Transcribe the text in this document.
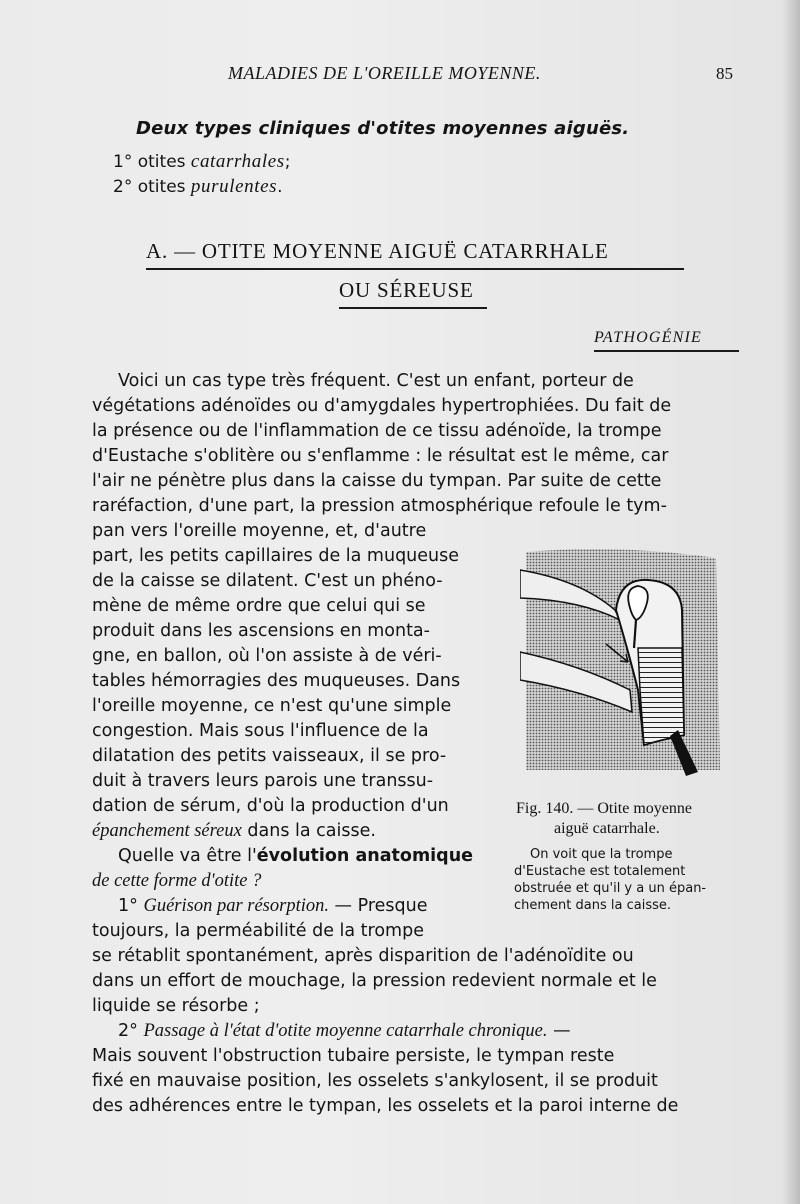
MALADIES DE L'OREILLE MOYENNE.	85
Deux types cliniques d'otites moyennes aiguës.
1° otites catarrhales;
2° otites purulentes.
A. — OTITE MOYENNE AIGUË CATARRHALE
OU SÉREUSE
PATHOGÉNIE
Voici un cas type très fréquent. C'est un enfant, porteur de
végétations adénoïdes ou d'amygdales hypertrophiées. Du fait de
la présence ou de l'inflammation de ce tissu adénoïde, la trompe
d'Eustache s'oblitère ou s'enflamme : le résultat est le même, car
l'air ne pénètre plus dans la caisse du tympan. Par suite de cette
raréfaction, d'une part, la pression atmosphérique refoule le tym-
pan vers l'oreille moyenne, et, d'autre
part, les petits capillaires de la muqueuse
de la caisse se dilatent. C'est un phéno-
mène de même ordre que celui qui se
produit dans les ascensions en monta-
gne, en ballon, où l'on assiste à de véri-
tables hémorragies des muqueuses. Dans
l'oreille moyenne, ce n'est qu'une simple
congestion. Mais sous l'influence de la
dilatation des petits vaisseaux, il se pro-
duit à travers leurs parois une transsu-
dation de sérum, d'où la production d'un
épanchement séreux dans la caisse.
Quelle va être l'évolution anatomique
de cette forme d'otite ?
1° Guérison par résorption. — Presque
toujours, la perméabilité de la trompe
se rétablit spontanément, après disparition de l'adénoïdite ou
dans un effort de mouchage, la pression redevient normale et le
liquide se résorbe ;
2° Passage à l'état d'otite moyenne catarrhale chronique. —
Mais souvent l'obstruction tubaire persiste, le tympan reste
fixé en mauvaise position, les osselets s'ankylosent, il se produit
des adhérences entre le tympan, les osselets et la paroi interne de
Fig. 140. — Otite moyenne
aiguë catarrhale.
On voit que la trompe
d'Eustache est totalement
obstruée et qu'il y a un épan-
chement dans la caisse.
